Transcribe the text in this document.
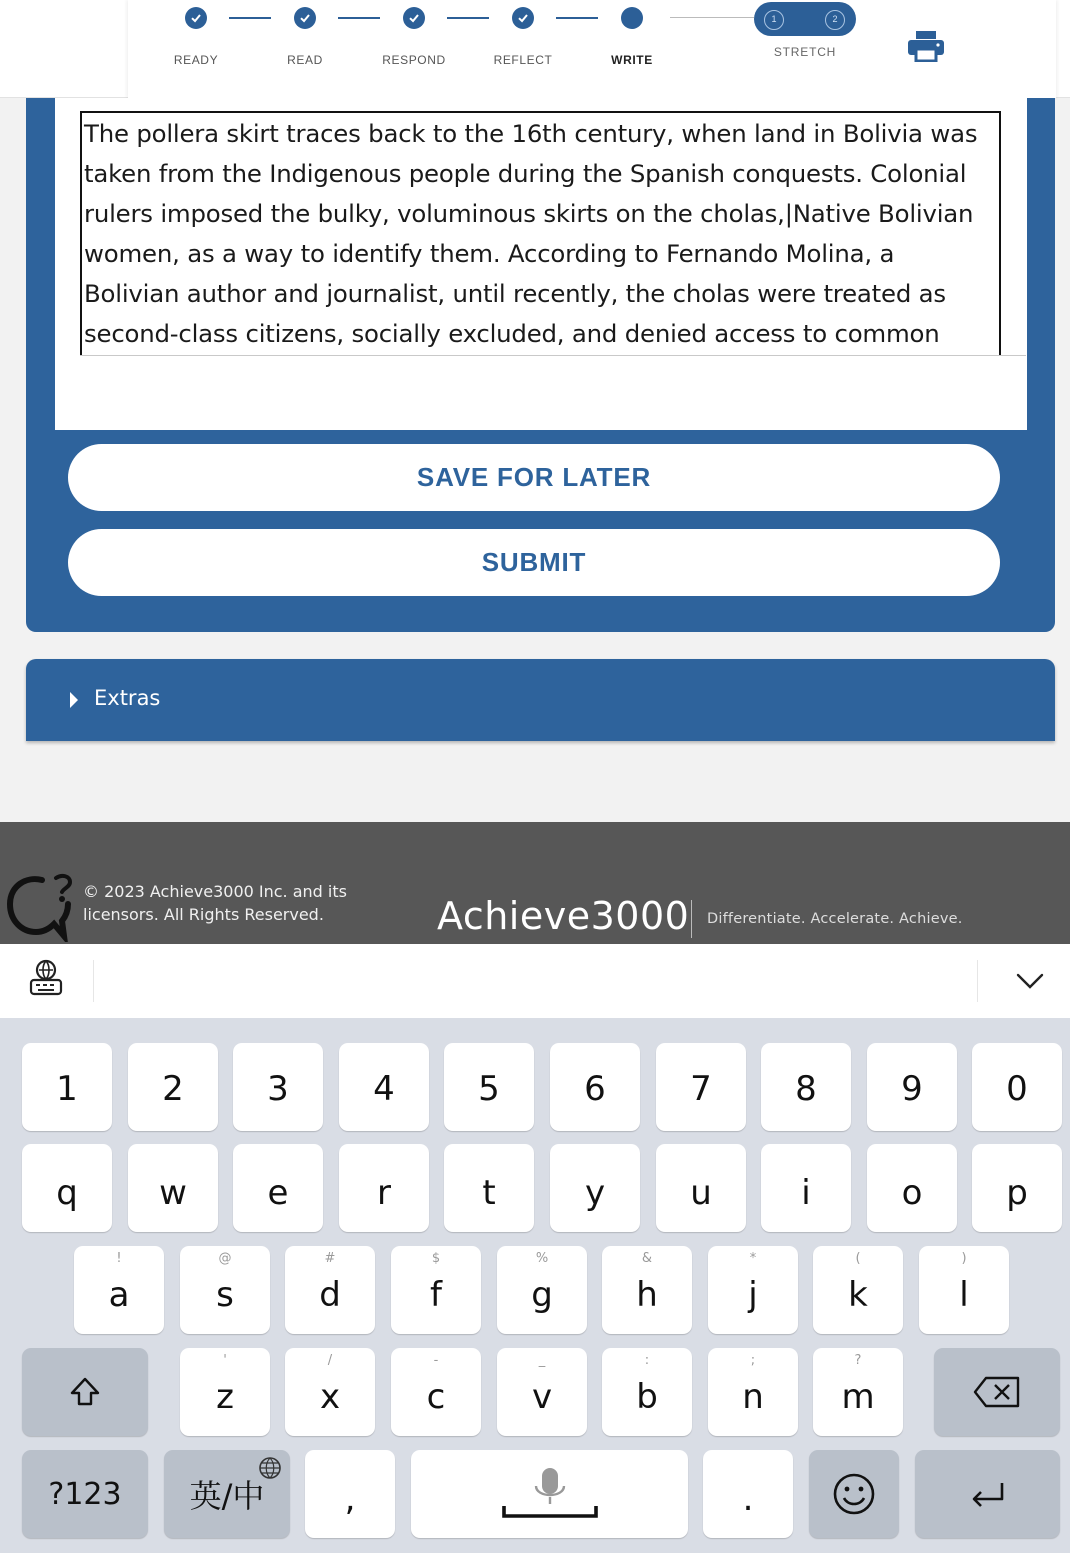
READY	READ	RESPOND	REFLECT	WRITE
1	2
STRETCH
The pollera skirt traces back to the 16th century, when land in Bolivia was
taken from the Indigenous people during the Spanish conquests. Colonial
rulers imposed the bulky, voluminous skirts on the cholas,|Native Bolivian
women, as a way to identify them. According to Fernando Molina, a
Bolivian author and journalist, until recently, the cholas were treated as
second-class citizens, socially excluded, and denied access to common
SAVE FOR LATER
SUBMIT
Extras
© 2023 Achieve3000 Inc. and its
licensors. All Rights Reserved.	Achieve3000 Differentiate. Accelerate. Achieve.
1 2 3 4 5 6 7 8 9 0
q w e	r	t	y	u	i	o p
!
a
@
s
#
d
$
f
%
g
&
h
*
j
(
k
)
l
'
z
/
x
-
c
_
v
:
b
;
n
?
m
?123 英/中 ,	.
